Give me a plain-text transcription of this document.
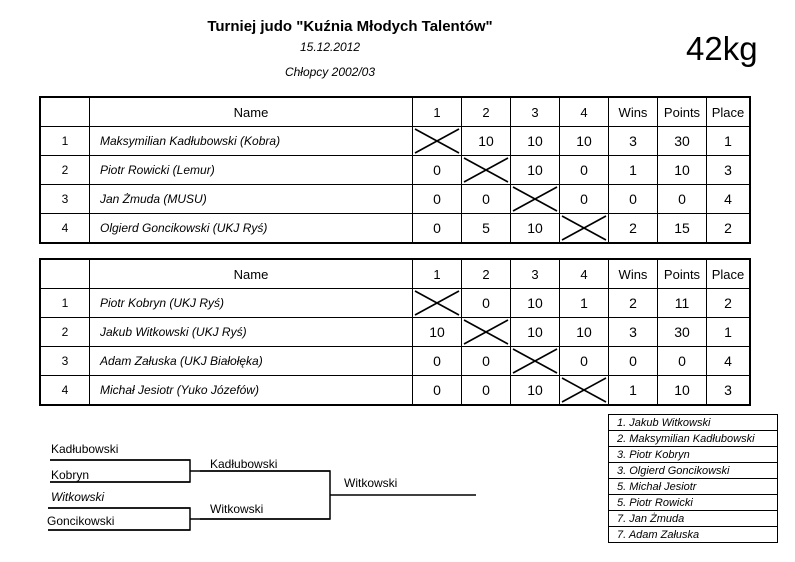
Turniej judo "Kuźnia Młodych Talentów"
15.12.2012
Chłopcy 2002/03
42kg
	Name	1	2	3	4	Wins	Points	Place
1	Maksymilian Kadłubowski (Kobra)		10	10	10	3	30	1
2	Piotr Rowicki (Lemur)	0		10	0	1	10	3
3	Jan Żmuda (MUSU)	0	0		0	0	0	4
4	Olgierd Goncikowski (UKJ Ryś)	0	5	10		2	15	2
	Name	1	2	3	4	Wins	Points	Place
1	Piotr Kobryn (UKJ Ryś)		0	10	1	2	11	2
2	Jakub Witkowski (UKJ Ryś)	10		10	10	3	30	1
3	Adam Załuska (UKJ Białołęka)	0	0		0	0	0	4
4	Michał Jesiotr (Yuko Józefów)	0	0	10		1	10	3
Kadłubowski
Kobryn
Witkowski
Goncikowski
Kadłubowski
Witkowski
Witkowski
1. Jakub Witkowski
2. Maksymilian Kadłubowski
3. Piotr Kobryn
3. Olgierd Goncikowski
5. Michał Jesiotr
5. Piotr Rowicki
7. Jan Żmuda
7. Adam Załuska
